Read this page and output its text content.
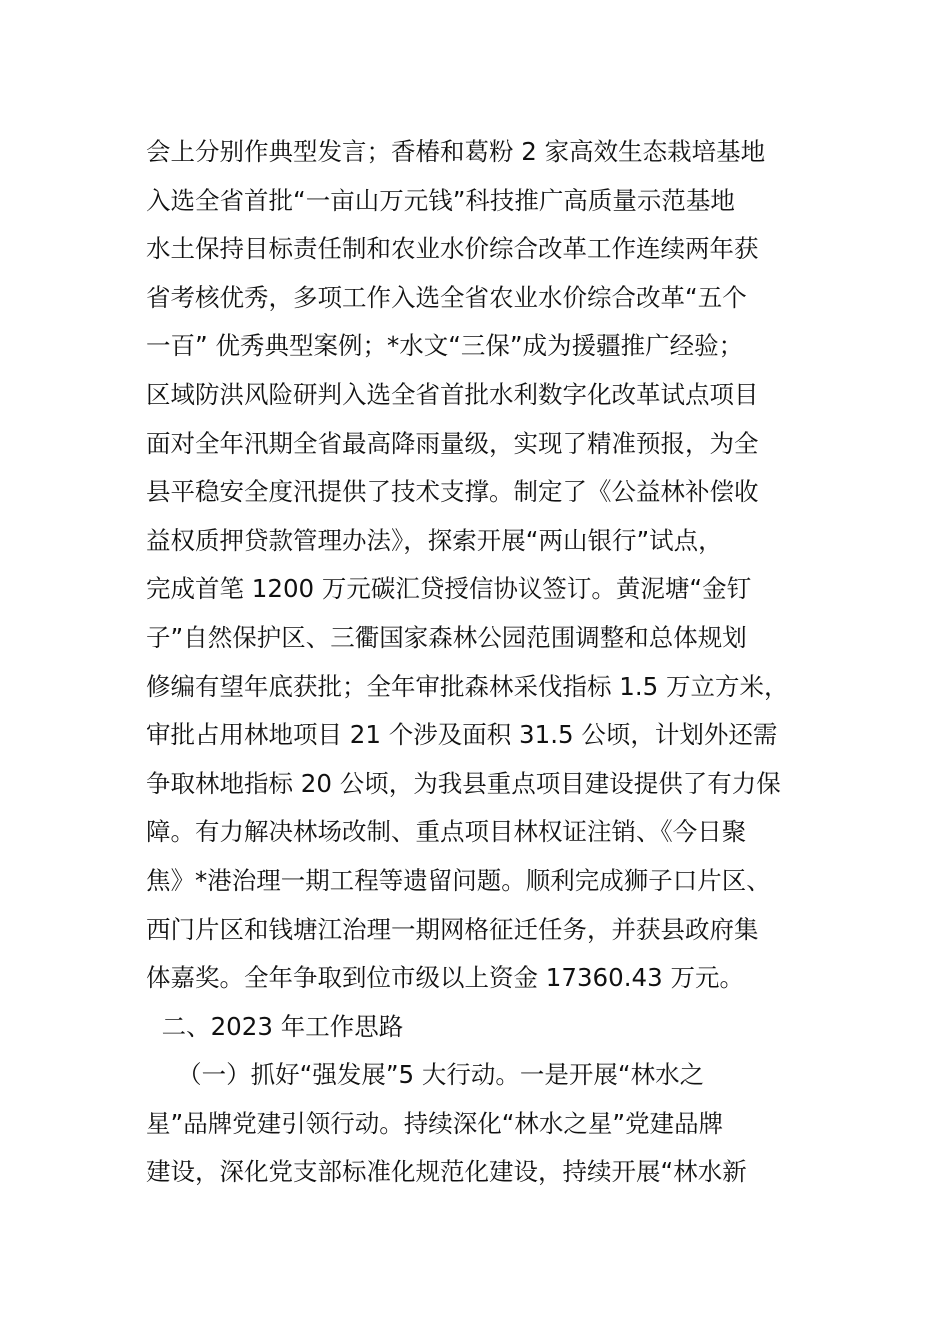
会上分别作典型发言；香椿和葛粉 2 家高效生态栽培基地
入选全省首批“一亩山万元钱”科技推广高质量示范基地
水土保持目标责任制和农业水价综合改革工作连续两年获
省考核优秀，多项工作入选全省农业水价综合改革“五个
一百” 优秀典型案例；*水文“三保”成为援疆推广经验；
区域防洪风险研判入选全省首批水利数字化改革试点项目
面对全年汛期全省最高降雨量级，实现了精准预报，为全
县平稳安全度汛提供了技术支撑。制定了《公益林补偿收
益权质押贷款管理办法》，探索开展“两山银行”试点，
完成首笔 1200 万元碳汇贷授信协议签订。黄泥塘“金钉
子”自然保护区、三衢国家森林公园范围调整和总体规划
修编有望年底获批；全年审批森林采伐指标 1.5 万立方米，
审批占用林地项目 21 个涉及面积 31.5 公顷，计划外还需
争取林地指标 20 公顷，为我县重点项目建设提供了有力保
障。有力解决林场改制、重点项目林权证注销、《今日聚
焦》*港治理一期工程等遗留问题。顺利完成狮子口片区、
西门片区和钱塘江治理一期网格征迁任务，并获县政府集
体嘉奖。全年争取到位市级以上资金 17360.43 万元。
二、2023 年工作思路
（一）抓好“强发展”5 大行动。一是开展“林水之
星”品牌党建引领行动。持续深化“林水之星”党建品牌
建设，深化党支部标准化规范化建设，持续开展“林水新
